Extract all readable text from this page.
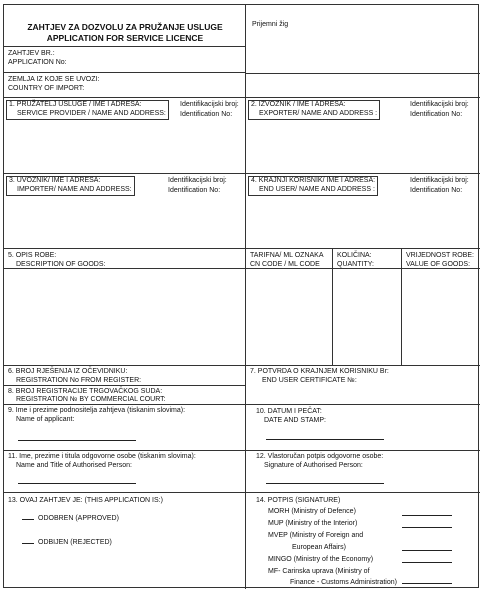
ZAHTJEV ZA DOZVOLU ZA PRUŽANJE USLUGE
APPLICATION FOR SERVICE LICENCE
Prijemni žig
ZAHTJEV BR.:
APPLICATION No:
ZEMLJA IZ KOJE SE UVOZI:
COUNTRY OF IMPORT:
1. PRUŽATELJ USLUGE / IME I ADRESA:
SERVICE PROVIDER / NAME AND ADDRESS:
Identifikacijski broj:
Identification No:
2. IZVOZNIK / IME I ADRESA:
EXPORTER/ NAME AND ADDRESS :
Identifikacijski broj:
Identification No:
3. UVOZNIK/ IME I ADRESA:
IMPORTER/ NAME AND ADDRESS:
Identifikacijski broj:
Identification No:
4. KRAJNJI KORISNIK/ IME I ADRESA:
END USER/ NAME AND ADDRESS :
Identifikacijski broj:
Identification No:
5. OPIS ROBE:
DESCRIPTION OF GOODS:
TARIFNA/ ML OZNAKA
CN CODE / ML CODE
KOLIČINA:
QUANTITY:
VRIJEDNOST ROBE:
VALUE OF GOODS:
6. BROJ RJEŠENJA IZ OČEVIDNIKU:
REGISTRATION No FROM REGISTER:
7. POTVRDA O KRAJNJEM KORISNIKU Br:
END USER CERTIFICATE №:
8. BROJ REGISTRACIJE TRGOVAČKOG SUDA:
REGISTRATION № BY COMMERCIAL COURT:
9. Ime i prezime podnositelja zahtjeva (tiskanim slovima):
Name of applicant:
10. DATUM I PEČAT:
DATE AND STAMP:
11. Ime, prezime i titula odgovorne osobe (tiskanim slovima):
Name and Title of Authorised Person:
12. Vlastoručan potpis odgovorne osobe:
Signature of Authorised Person:
13. OVAJ ZAHTJEV JE: (THIS APPLICATION IS:)
ODOBREN (APPROVED)
ODBIJEN (REJECTED)
14. POTPIS (SIGNATURE)
MORH (Ministry of Defence)
MUP (Ministry of the Interior)
MVEP (Ministry of Foreign and
European Affairs)
MINGO (Ministry of the Economy)
MF- Carinska uprava (Ministry of
Finance - Customs Administration)
